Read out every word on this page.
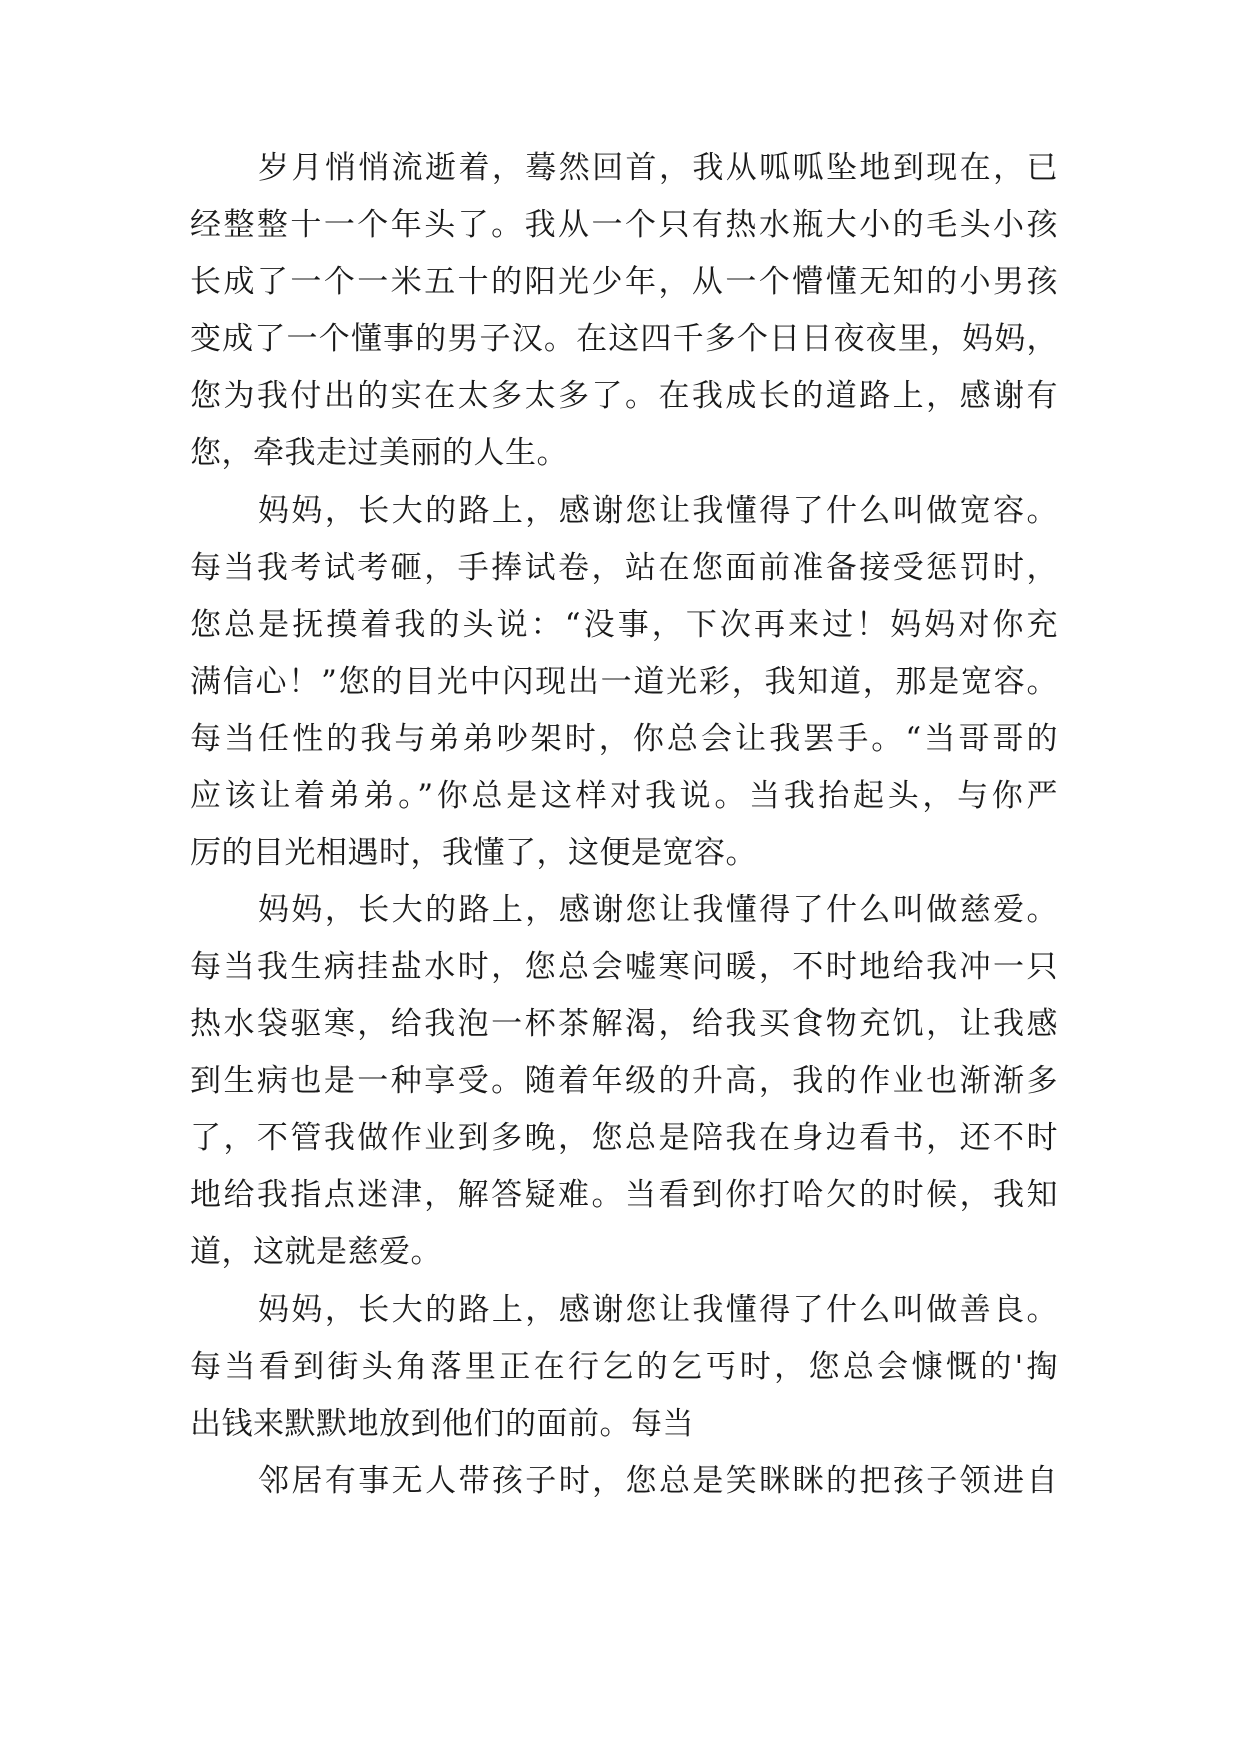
岁月悄悄流逝着，蓦然回首，我从呱呱坠地到现在，已
经整整十一个年头了。我从一个只有热水瓶大小的毛头小孩
长成了一个一米五十的阳光少年，从一个懵懂无知的小男孩
变成了一个懂事的男子汉。在这四千多个日日夜夜里，妈妈，
您为我付出的实在太多太多了。在我成长的道路上，感谢有
您，牵我走过美丽的人生。
妈妈，长大的路上，感谢您让我懂得了什么叫做宽容。
每当我考试考砸，手捧试卷，站在您面前准备接受惩罚时，
您总是抚摸着我的头说：“没事，下次再来过！妈妈对你充
满信心！”您的目光中闪现出一道光彩，我知道，那是宽容。
每当任性的我与弟弟吵架时，你总会让我罢手。“当哥哥的
应该让着弟弟。”你总是这样对我说。当我抬起头，与你严
厉的目光相遇时，我懂了，这便是宽容。
妈妈，长大的路上，感谢您让我懂得了什么叫做慈爱。
每当我生病挂盐水时，您总会嘘寒问暖，不时地给我冲一只
热水袋驱寒，给我泡一杯茶解渴，给我买食物充饥，让我感
到生病也是一种享受。随着年级的升高，我的作业也渐渐多
了，不管我做作业到多晚，您总是陪我在身边看书，还不时
地给我指点迷津，解答疑难。当看到你打哈欠的时候，我知
道，这就是慈爱。
妈妈，长大的路上，感谢您让我懂得了什么叫做善良。
每当看到街头角落里正在行乞的乞丐时，您总会慷慨的'掏
出钱来默默地放到他们的面前。每当
邻居有事无人带孩子时，您总是笑眯眯的把孩子领进自
